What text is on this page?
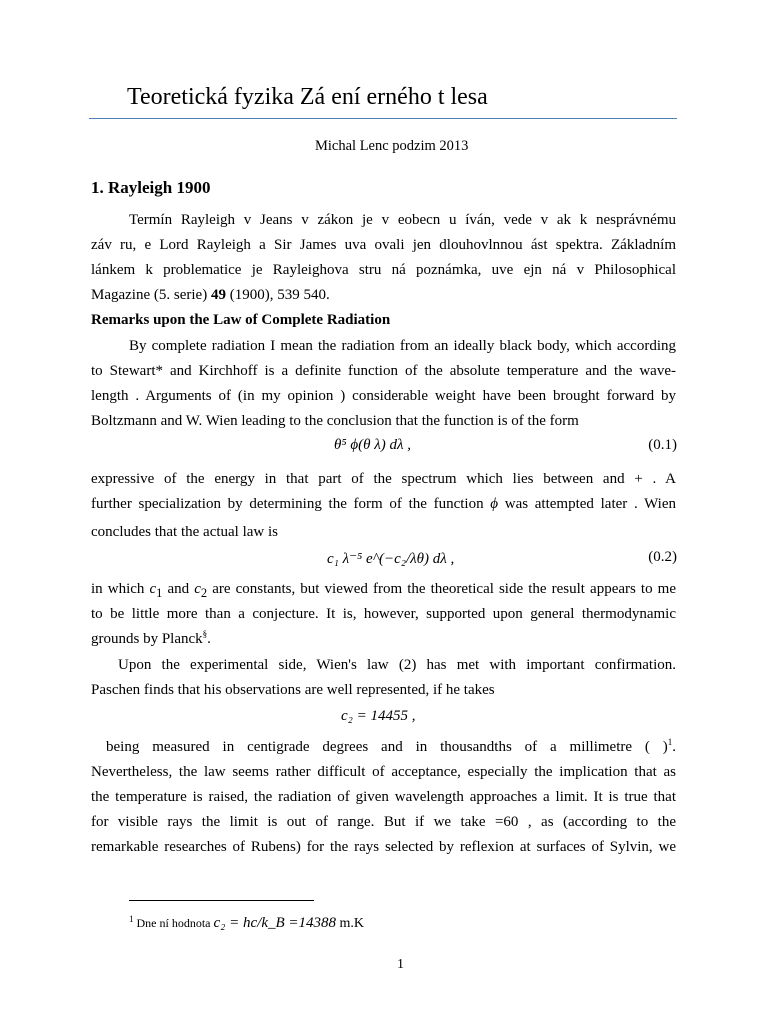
Teoretická fyzika Zá ení erného t lesa
Michal Lenc podzim 2013
1. Rayleigh 1900
Termín Rayleigh v Jeans v zákon je v eobecn u íván, vede v ak k nesprávnému
záv ru, e Lord Rayleigh a Sir James uva ovali jen dlouhovlnnou ást spektra. Základním
lánkem k problematice je Rayleighova stru ná poznámka, uve ejn ná v Philosophical
Magazine (5. serie) 49 (1900), 539 540.
Remarks upon the Law of Complete Radiation
By complete radiation I mean the radiation from an ideally black body, which according
to Stewart* and Kirchhoff is a definite function of the absolute temperature and the wave-
length . Arguments of (in my opinion ) considerable weight have been brought forward by
Boltzmann and W. Wien leading to the conclusion that the function is of the form
θ⁵ ϕ(θ λ) dλ ,	(0.1)
expressive of the energy in that part of the spectrum which lies between and + . A
further specialization by determining the form of the function ϕ was attempted later . Wien
concludes that the actual law is
c₁ λ⁻⁵ e^(−c₂/λθ) dλ ,	(0.2)
in which $c_1$ and $c_2$ are constants, but viewed from the theoretical side the result appears to me
to be little more than a conjecture. It is, however, supported upon general thermodynamic
grounds by Planck§.
Upon the experimental side, Wien's law (2) has met with important confirmation.
Paschen finds that his observations are well represented, if he takes
c₂ = 14455 ,
being measured in centigrade degrees and in thousandths of a millimetre ( )$^1$.
Nevertheless, the law seems rather difficult of acceptance, especially the implication that as
the temperature is raised, the radiation of given wavelength approaches a limit. It is true that
for visible rays the limit is out of range. But if we take =60 , as (according to the
remarkable researches of Rubens) for the rays selected by reflexion at surfaces of Sylvin, we
$^1$ Dne ní hodnota c₂ = hc/k_B =14388 m.K
1
